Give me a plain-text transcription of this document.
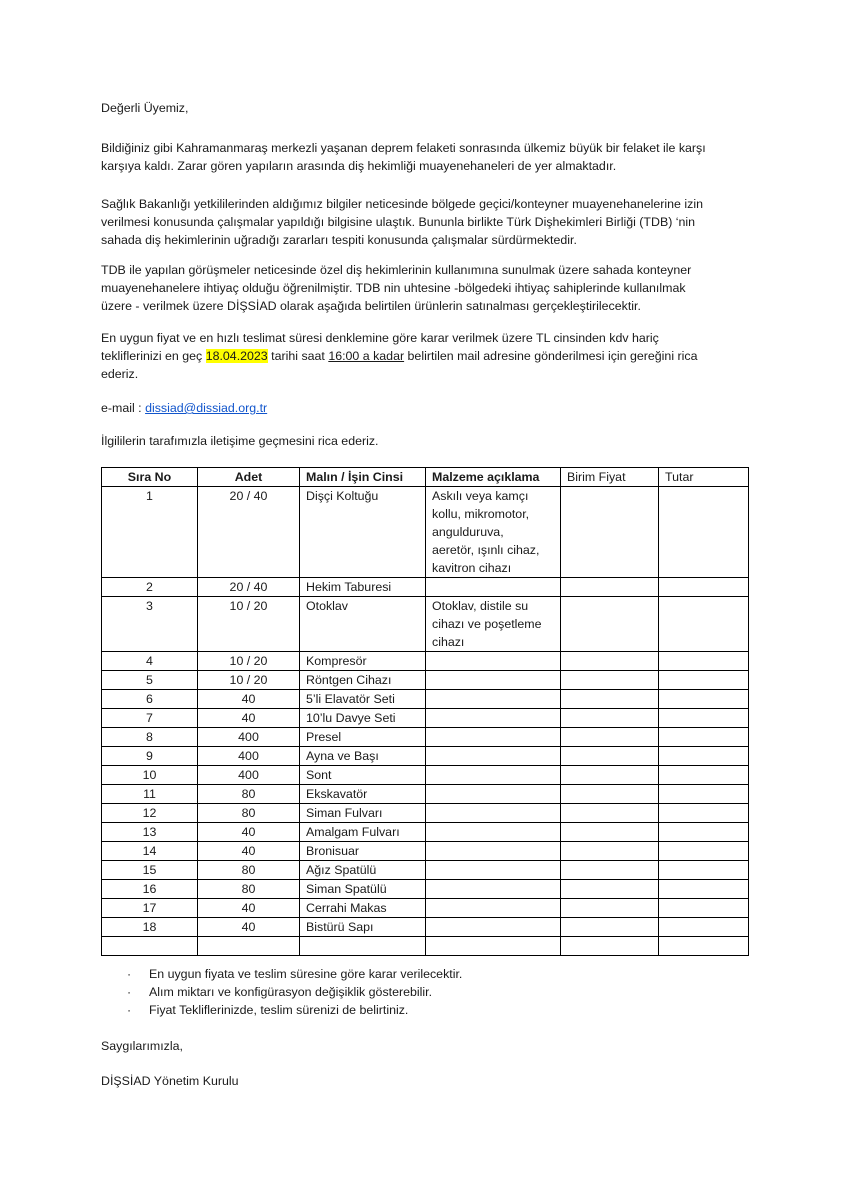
Değerli Üyemiz,

Bildiğiniz gibi Kahramanmaraş merkezli yaşanan deprem felaketi sonrasında ülkemiz büyük bir felaket ile karşı

karşıya kaldı. Zarar gören yapıların arasında diş hekimliği muayenehaneleri de yer almaktadır.

Sağlık Bakanlığı yetkililerinden aldığımız bilgiler neticesinde bölgede geçici/konteyner muayenehanelerine izin

verilmesi konusunda çalışmalar yapıldığı bilgisine ulaştık. Bununla birlikte Türk Dişhekimleri Birliği (TDB) ‘nin

sahada diş hekimlerinin uğradığı zararları tespiti konusunda çalışmalar sürdürmektedir.

TDB ile yapılan görüşmeler neticesinde özel diş hekimlerinin kullanımına sunulmak üzere sahada konteyner

muayenehanelere ihtiyaç olduğu öğrenilmiştir. TDB nin uhtesine -bölgedeki ihtiyaç sahiplerinde kullanılmak

üzere - verilmek üzere DİŞSİAD olarak aşağıda belirtilen ürünlerin satınalması gerçekleştirilecektir.

En uygun fiyat ve en hızlı teslimat süresi denklemine göre karar verilmek üzere TL cinsinden kdv hariç

tekliflerinizi en geç 18.04.2023 tarihi saat 16:00 a kadar belirtilen mail adresine gönderilmesi için gereğini rica

ederiz.

e-mail : dissiad@dissiad.org.tr

İlgililerin tarafımızla iletişime geçmesini rica ederiz.

Sıra No	Adet	Malın / İşin Cinsi	Malzeme açıklama	Birim Fiyat	Tutar
1	20 / 40	Dişçi Koltuğu	Askılı veya kamçı
kollu, mikromotor,
angulduruva,
aeretör, ışınlı cihaz,
kavitron cihazı		

2	20 / 40	Hekim Taburesi			
3	10 / 20	Otoklav	Otoklav, distile su
cihazı ve poşetleme
cihazı		

4	10 / 20	Kompresör			
5	10 / 20	Röntgen Cihazı			
6	40	5’li Elavatör Seti			
7	40	10’lu Davye Seti			
8	400	Presel			
9	400	Ayna ve Başı			
10	400	Sont			
11	80	Ekskavatör			
12	80	Siman Fulvarı			
13	40	Amalgam Fulvarı			
14	40	Bronisuar			
15	80	Ağız Spatülü			
16	80	Siman Spatülü			
17	40	Cerrahi Makas			
18	40	Bistürü Sapı			

· En uygun fiyata ve teslim süresine göre karar verilecektir.
· Alım miktarı ve konfigürasyon değişiklik gösterebilir.
· Fiyat Tekliflerinizde, teslim sürenizi de belirtiniz.

Saygılarımızla,

DİŞSİAD Yönetim Kurulu
